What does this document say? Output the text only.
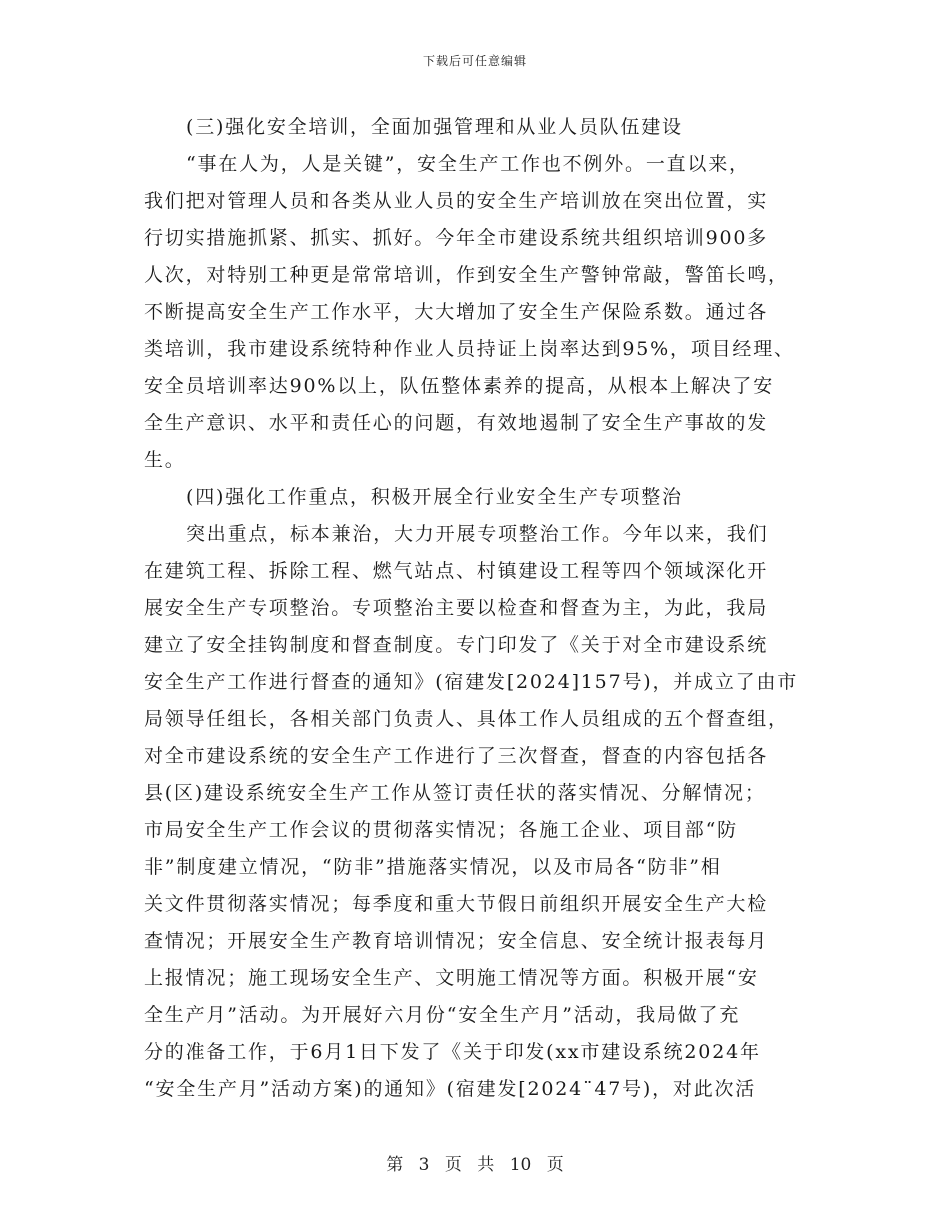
下载后可任意编辑
(三)强化安全培训，全面加强管理和从业人员队伍建设
“事在人为，人是关键”，安全生产工作也不例外。一直以来，
我们把对管理人员和各类从业人员的安全生产培训放在突出位置，实
行切实措施抓紧、抓实、抓好。今年全市建设系统共组织培训900多
人次，对特别工种更是常常培训，作到安全生产警钟常敲，警笛长鸣，
不断提高安全生产工作水平，大大增加了安全生产保险系数。通过各
类培训，我市建设系统特种作业人员持证上岗率达到95%，项目经理、
安全员培训率达90%以上，队伍整体素养的提高，从根本上解决了安
全生产意识、水平和责任心的问题，有效地遏制了安全生产事故的发
生。
(四)强化工作重点，积极开展全行业安全生产专项整治
突出重点，标本兼治，大力开展专项整治工作。今年以来，我们
在建筑工程、拆除工程、燃气站点、村镇建设工程等四个领域深化开
展安全生产专项整治。专项整治主要以检查和督查为主，为此，我局
建立了安全挂钩制度和督查制度。专门印发了《关于对全市建设系统
安全生产工作进行督查的通知》(宿建发[2024]157号)，并成立了由市
局领导任组长，各相关部门负责人、具体工作人员组成的五个督查组，
对全市建设系统的安全生产工作进行了三次督查，督查的内容包括各
县(区)建设系统安全生产工作从签订责任状的落实情况、分解情况；
市局安全生产工作会议的贯彻落实情况；各施工企业、项目部“防
非”制度建立情况，“防非”措施落实情况，以及市局各“防非”相
关文件贯彻落实情况；每季度和重大节假日前组织开展安全生产大检
查情况；开展安全生产教育培训情况；安全信息、安全统计报表每月
上报情况；施工现场安全生产、文明施工情况等方面。积极开展“安
全生产月”活动。为开展好六月份“安全生产月”活动，我局做了充
分的准备工作，于6月1日下发了《关于印发(xx市建设系统2024年
“安全生产月”活动方案)的通知》(宿建发[2024¨47号)，对此次活
第 3 页 共 10 页
